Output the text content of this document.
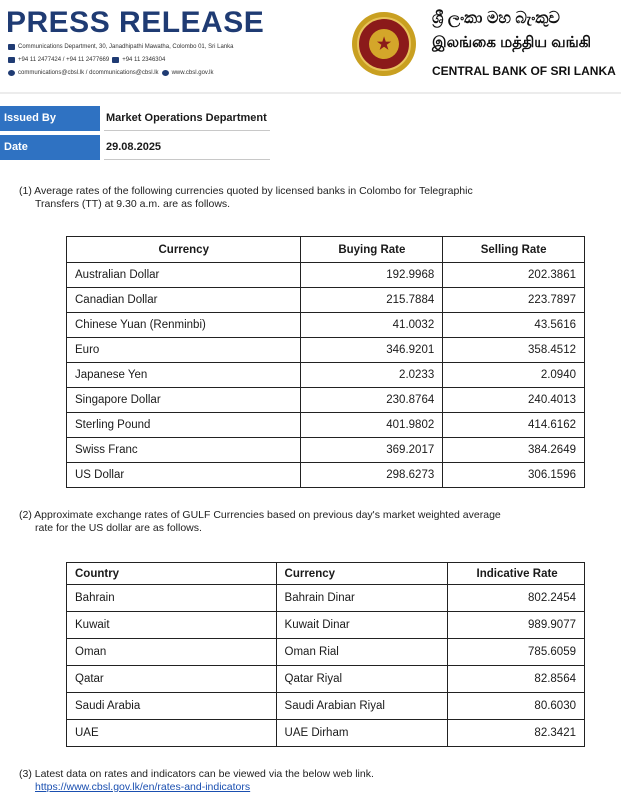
PRESS RELEASE
Communications Department, 30, Janadhipathi Mawatha, Colombo 01, Sri Lanka
+94 11 2477424 / +94 11 2477669 +94 11 2346304
communications@cbsl.lk / dcommunications@cbsl.lk www.cbsl.gov.lk
★
ශ්‍රී ලංකා මහ බැංකුව
இலங்கை மத்திய வங்கி
CENTRAL BANK OF SRI LANKA
Issued By	Market Operations Department
Date	29.08.2025
(1) Average rates of the following currencies quoted by licensed banks in Colombo for Telegraphic
Transfers (TT) at 9.30 a.m. are as follows.
Currency	Buying Rate	Selling Rate
Australian Dollar	192.9968	202.3861
Canadian Dollar	215.7884	223.7897
Chinese Yuan (Renminbi)	41.0032	43.5616
Euro	346.9201	358.4512
Japanese Yen	2.0233	2.0940
Singapore Dollar	230.8764	240.4013
Sterling Pound	401.9802	414.6162
Swiss Franc	369.2017	384.2649
US Dollar	298.6273	306.1596
(2) Approximate exchange rates of GULF Currencies based on previous day's market weighted average
rate for the US dollar are as follows.
Country	Currency	Indicative Rate
Bahrain	Bahrain Dinar	802.2454
Kuwait	Kuwait Dinar	989.9077
Oman	Oman Rial	785.6059
Qatar	Qatar Riyal	82.8564
Saudi Arabia	Saudi Arabian Riyal	80.6030
UAE	UAE Dirham	82.3421
(3) Latest data on rates and indicators can be viewed via the below web link.
https://www.cbsl.gov.lk/en/rates-and-indicators
